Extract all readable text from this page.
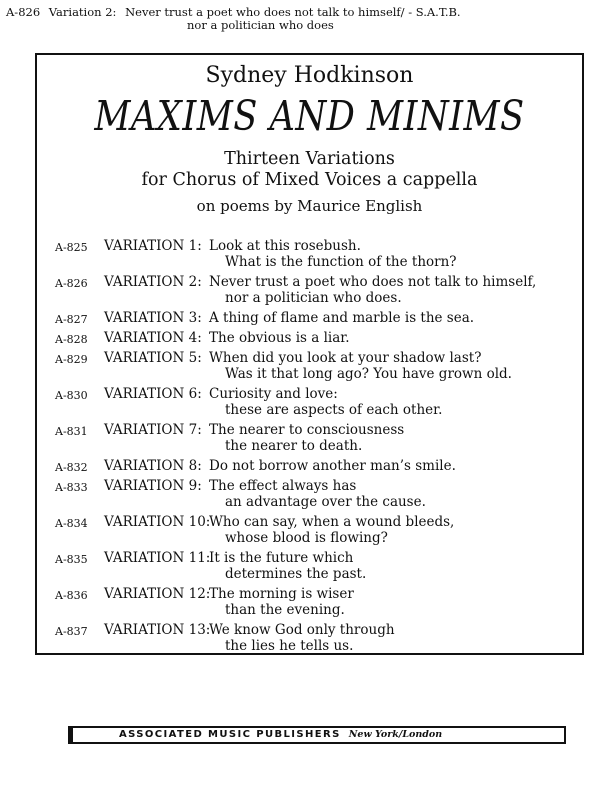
A-826 Variation 2: Never trust a poet who does not talk to himself/ - S.A.T.B.
nor a politician who does
Sydney Hodkinson
MAXIMS AND MINIMS
Thirteen Variations
for Chorus of Mixed Voices a cappella
on poems by Maurice English
A-825 VARIATION 1: Look at this rosebush.
What is the function of the thorn?
A-826 VARIATION 2: Never trust a poet who does not talk to himself,
nor a politician who does.
A-827 VARIATION 3: A thing of flame and marble is the sea.
A-828 VARIATION 4: The obvious is a liar.
A-829 VARIATION 5: When did you look at your shadow last?
Was it that long ago? You have grown old.
A-830 VARIATION 6: Curiosity and love:
these are aspects of each other.
A-831 VARIATION 7: The nearer to consciousness
the nearer to death.
A-832 VARIATION 8: Do not borrow another man’s smile.
A-833 VARIATION 9: The effect always has
an advantage over the cause.
A-834 VARIATION 10:
Who can say, when a wound bleeds,
whose blood is flowing?
A-835 VARIATION 11:
It is the future which
determines the past.
A-836 VARIATION 12:
The morning is wiser
than the evening.
A-837 VARIATION 13:
We know God only through
the lies he tells us.
ASSOCIATED MUSIC PUBLISHERS New York/London
